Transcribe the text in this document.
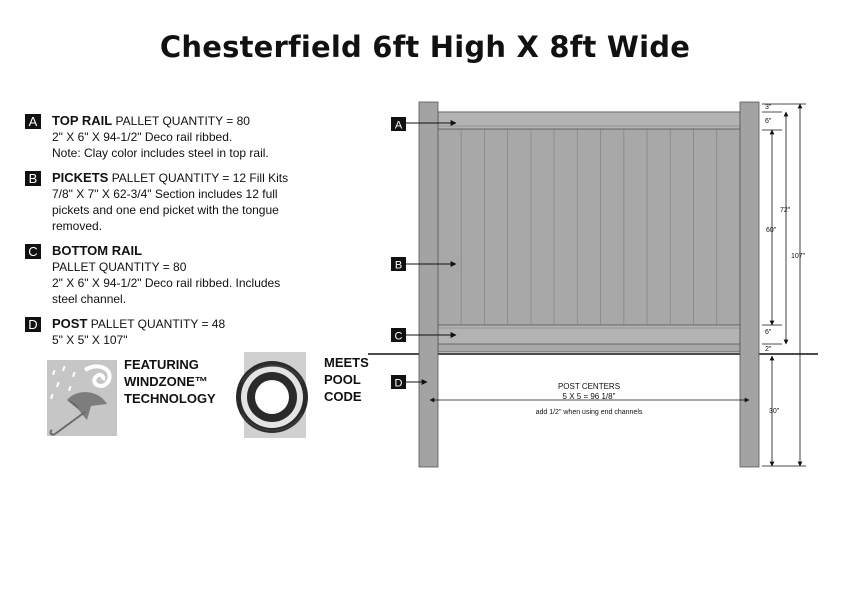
Chesterfield 6ft High X 8ft Wide
A TOP RAIL PALLET QUANTITY = 80
2" X 6" X 94-1/2" Deco rail ribbed.
Note: Clay color includes steel in top rail.
B PICKETS PALLET QUANTITY = 12 Fill Kits
7/8" X 7" X 62-3/4" Section includes 12 full
pickets and one end picket with the tongue
removed.
C BOTTOM RAIL
PALLET QUANTITY = 80
2" X 6" X 94-1/2" Deco rail ribbed. Includes
steel channel.
D POST PALLET QUANTITY = 48
5" X 5" X 107"
FEATURING
WINDZONE™
TECHNOLOGY
MEETS
POOL
CODE
A
B
C
D
3"
6"
60"
72"
107"
6"
2"
30"
POST CENTERS
5 X 5 = 96 1/8"
add 1/2" when using end channels
